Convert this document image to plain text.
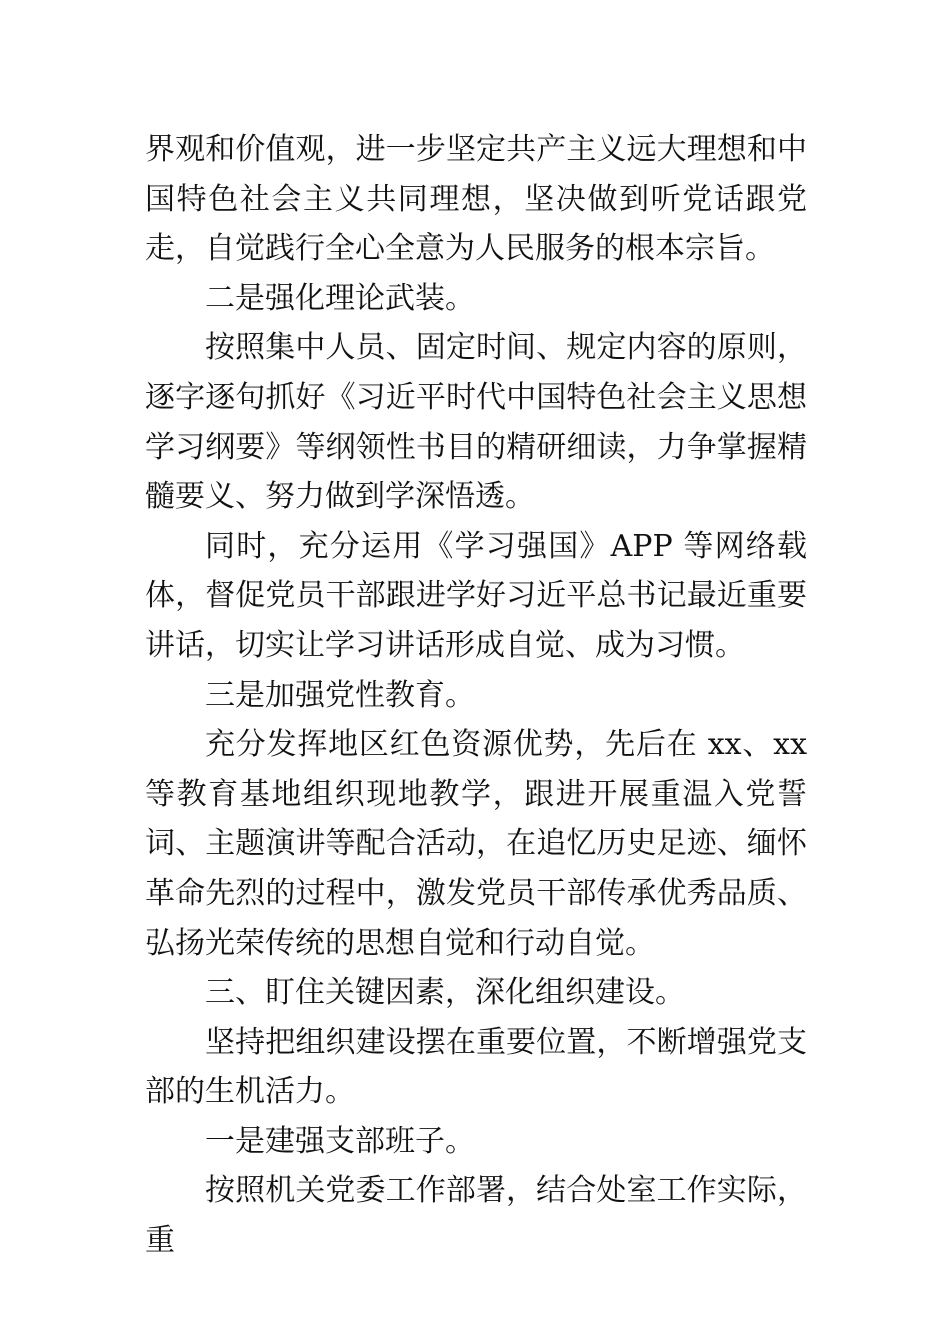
界观和价值观，进一步坚定共产主义远大理想和中国特色社会主义共同理想，坚决做到听党话跟党走，自觉践行全心全意为人民服务的根本宗旨。

二是强化理论武装。

按照集中人员、固定时间、规定内容的原则，逐字逐句抓好《习近平时代中国特色社会主义思想学习纲要》等纲领性书目的精研细读，力争掌握精髓要义、努力做到学深悟透。

同时，充分运用《学习强国》APP 等网络载体，督促党员干部跟进学好习近平总书记最近重要讲话，切实让学习讲话形成自觉、成为习惯。

三是加强党性教育。

充分发挥地区红色资源优势，先后在 xx、xx 等教育基地组织现地教学，跟进开展重温入党誓词、主题演讲等配合活动，在追忆历史足迹、缅怀革命先烈的过程中，激发党员干部传承优秀品质、弘扬光荣传统的思想自觉和行动自觉。

三、盯住关键因素，深化组织建设。

坚持把组织建设摆在重要位置，不断增强党支部的生机活力。

一是建强支部班子。

按照机关党委工作部署，结合处室工作实际，重
